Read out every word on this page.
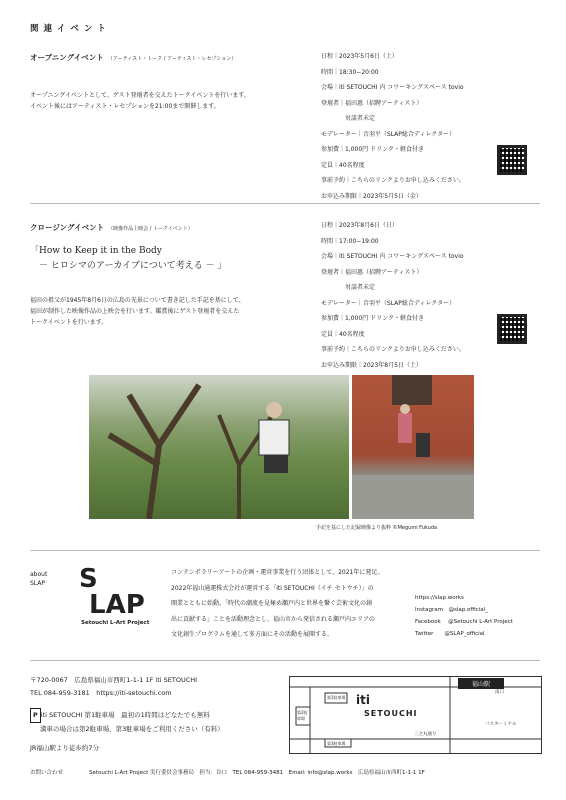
関 連 イ ベ ン ト
オープニングイベント （アーティスト・トーク / アーティスト・レセプション）
オープニングイベントとして、ゲスト登壇者を交えたトークイベントを行います。
イベント後にはアーティスト・レセプションを21:00まで開催します。
日程｜2023年5月6日（土）
時間｜18:30−20:00
会場｜iti SETOUCHI 内 コワーキングスペース tovio
登壇者｜福田惠（招聘アーティスト）
　　　　対談者未定
モデレーター｜音羽平（SLAP総合ディレクター）
参加費｜1,000円 ドリンク・軽食付き
定員｜40名程度
事前予約｜こちらのリンクよりお申し込みください。
お申込み期限｜2023年5月5日（金）
クロージングイベント （映像作品上映会 / トークイベント）
「How to Keep it in the Body
　－ ヒロシマのアーカイブについて考える － 」
福田の祖父が1945年8月6日の広島の光景について書き記した手記を基にして、
福田が制作した映像作品の上映会を行います。鑑賞後にゲスト登壇者を交えた
トークイベントを行います。
日程｜2023年8月6日（日）
時間｜17:00−19:00
会場｜iti SETOUCHI 内 コワーキングスペース tovio
登壇者｜福田惠（招聘アーティスト）
　　　　対談者未定
モデレーター｜音羽平（SLAP総合ディレクター）
参加費｜1,000円 ドリンク・軽食付き
定員｜40名程度
事前予約｜こちらのリンクよりお申し込みください。
お申込み期限｜2023年8月5日（土）
手記を基にした記録映像より抜粋 ©Megumi Fukuda
about
SLAP S
LAP
Setouchi L-Art Project
コンテンポラリーアートの企画・運営事業を行う団体として、2021年に発足。
2022年福山通運株式会社が運営する「iti SETOUCHI（イチ セトウチ）」の
開業とともに始動。「時代の潮流を見極め瀬戸内と世界を繋ぐ芸術文化の創
出に貢献する」ことを活動理念とし、福山市から発信される瀬戸内エリアの
文化創生プログラムを通して多方面にその活動を展開する。
https://slap.works
Instagram　@slap.official_
Facebook　 @Setouchi L-Art Project
Twitter　　@SLAP_official
〒720-0067　広島県福山市西町1-1-1 1F iti SETOUCHI
TEL 084-959-3181　https://iti-setouchi.com
P iti SETOUCHI 第1駐車場　最初の1時間はどなたでも無料
満車の場合は第2駐車場、第3駐車場をご利用ください（有料）
JR福山駅より徒歩約7分
福山駅
南口
iti
SETOUCHI
第2駐車場
第1駐車場
第3駐車場
バスターミナル
三之丸通り
お問い合わせ	Setouchi L-Art Project 実行委員会事務局　担当：谷口　TEL 084-959-3481　Email: info@slap.works　広島県福山市西町1-1-1 1F
